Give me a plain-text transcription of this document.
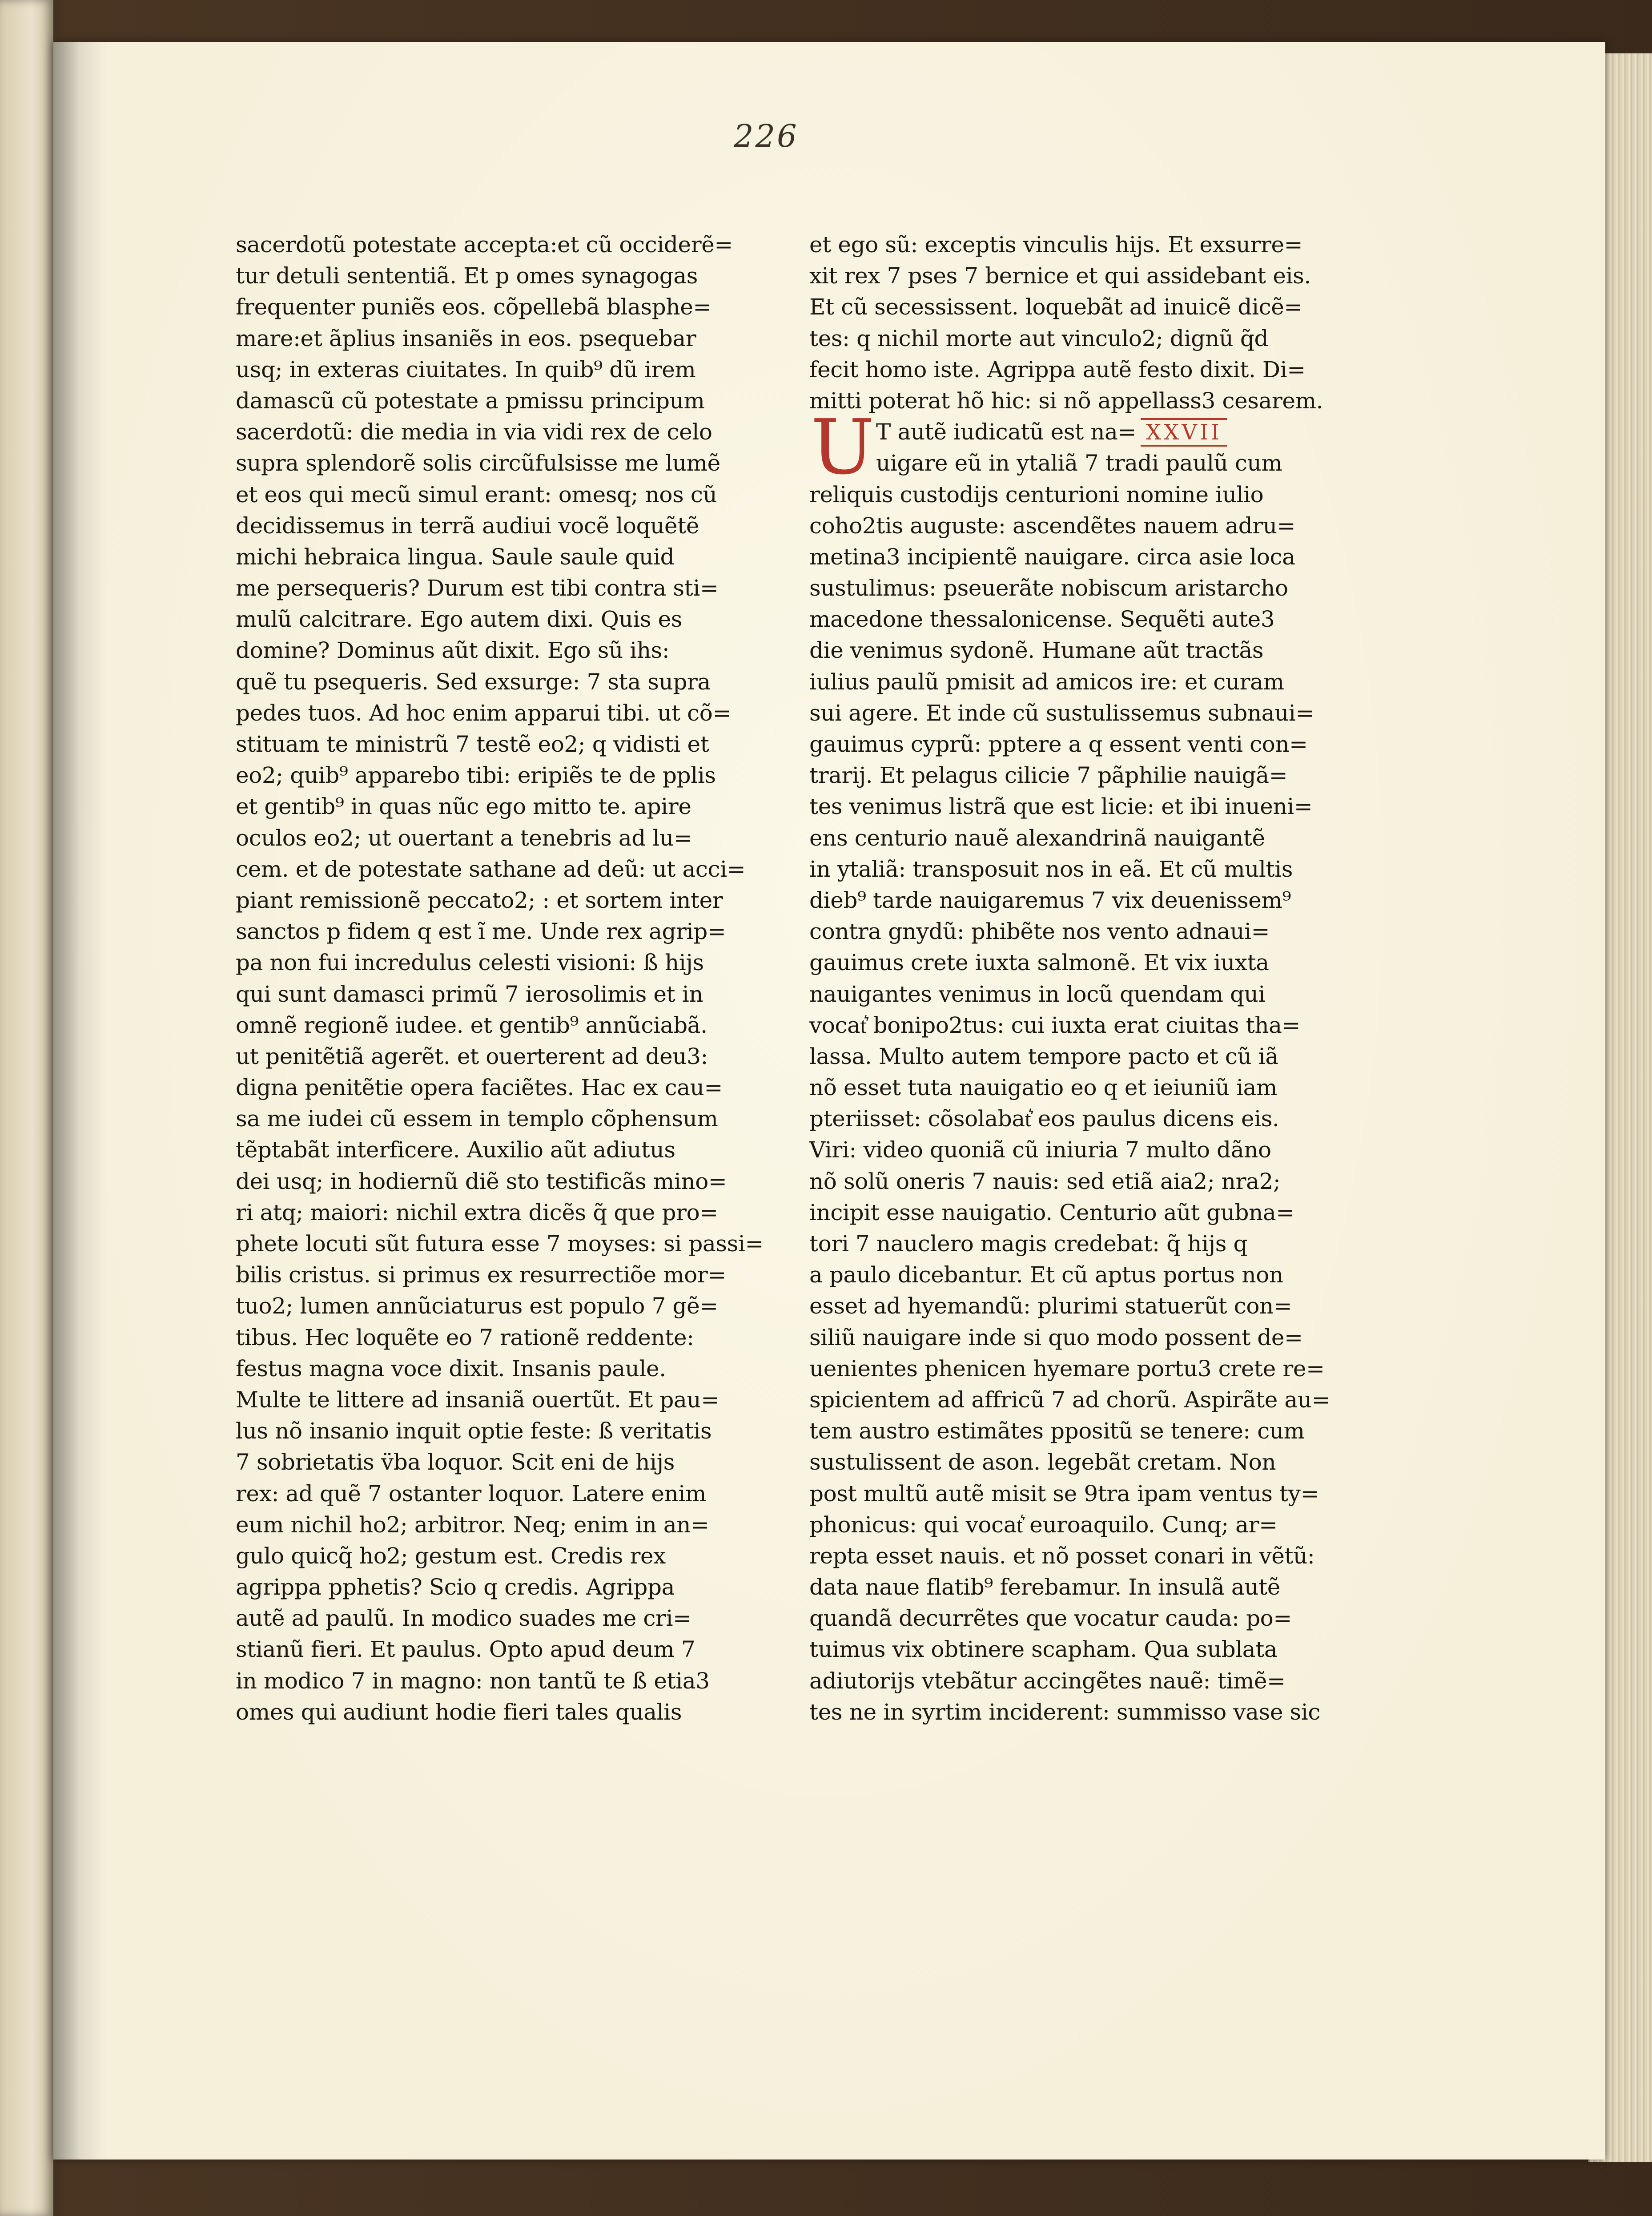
226
sacerdotũ potestate accepta:et cũ occiderẽ=
tur detuli sententiã. Et p omes synagogas
frequenter puniẽs eos. cõpellebã blasphe=
mare:et ãplius insaniẽs in eos. psequebar
usq; in exteras ciuitates. In quib⁹ dũ irem
damascũ cũ potestate a pmissu principum
sacerdotũ: die media in via vidi rex de celo
supra splendorẽ solis circũfulsisse me lumẽ
et eos qui mecũ simul erant: omesq; nos cũ
decidissemus in terrã audiui vocẽ loquẽtẽ
michi hebraica lingua. Saule saule quid
me persequeris? Durum est tibi contra sti=
mulũ calcitrare. Ego autem dixi. Quis es
domine? Dominus aũt dixit. Ego sũ ihs:
quẽ tu psequeris. Sed exsurge: 7 sta supra
pedes tuos. Ad hoc enim apparui tibi. ut cõ=
stituam te ministrũ 7 testẽ eo2; q vidisti et
eo2; quib⁹ apparebo tibi: eripiẽs te de pplis
et gentib⁹ in quas nũc ego mitto te. apire
oculos eo2; ut ouertant a tenebris ad lu=
cem. et de potestate sathane ad deũ: ut acci=
piant remissionẽ peccato2; : et sortem inter
sanctos p fidem q est ĩ me. Unde rex agrip=
pa non fui incredulus celesti visioni: ß hijs
qui sunt damasci primũ 7 ierosolimis et in
omnẽ regionẽ iudee. et gentib⁹ annũciabã.
ut penitẽtiã agerẽt. et ouerterent ad deu3:
digna penitẽtie opera faciẽtes. Hac ex cau=
sa me iudei cũ essem in templo cõphensum
tẽptabãt interficere. Auxilio aũt adiutus
dei usq; in hodiernũ diẽ sto testificãs mino=
ri atq; maiori: nichil extra dicẽs q̃ que pro=
phete locuti sũt futura esse 7 moyses: si passi=
bilis cristus. si primus ex resurrectiõe mor=
tuo2; lumen annũciaturus est populo 7 gẽ=
tibus. Hec loquẽte eo 7 rationẽ reddente:
festus magna voce dixit. Insanis paule.
Multe te littere ad insaniã ouertũt. Et pau=
lus nõ insanio inquit optie feste: ß veritatis
7 sobrietatis v̈ba loquor. Scit eni de hijs
rex: ad quẽ 7 ostanter loquor. Latere enim
eum nichil ho2; arbitror. Neq; enim in an=
gulo quicq̃ ho2; gestum est. Credis rex
agrippa pphetis? Scio q credis. Agrippa
autẽ ad paulũ. In modico suades me cri=
stianũ fieri. Et paulus. Opto apud deum 7
in modico 7 in magno: non tantũ te ß etia3
omes qui audiunt hodie fieri tales qualis
et ego sũ: exceptis vinculis hijs. Et exsurre=
xit rex 7 pses 7 bernice et qui assidebant eis.
Et cũ secessissent. loquebãt ad inuicẽ dicẽ=
tes: q nichil morte aut vinculo2; dignũ q̃d
fecit homo iste. Agrippa autẽ festo dixit. Di=
mitti poterat hõ hic: si nõ appellass3 cesarem.
T autẽ iudicatũ est na= XXVII
uigare eũ in ytaliã 7 tradi paulũ cum
reliquis custodijs centurioni nomine iulio
coho2tis auguste: ascendẽtes nauem adru=
metina3 incipientẽ nauigare. circa asie loca
sustulimus: pseuerãte nobiscum aristarcho
macedone thessalonicense. Sequẽti aute3
die venimus sydonẽ. Humane aũt tractãs
iulius paulũ pmisit ad amicos ire: et curam
sui agere. Et inde cũ sustulissemus subnaui=
gauimus cyprũ: pptere a q essent venti con=
trarij. Et pelagus cilicie 7 pãphilie nauigã=
tes venimus listrã que est licie: et ibi inueni=
ens centurio nauẽ alexandrinã nauigantẽ
in ytaliã: transposuit nos in eã. Et cũ multis
dieb⁹ tarde nauigaremus 7 vix deuenissem⁹
contra gnydũ: phibẽte nos vento adnaui=
gauimus crete iuxta salmonẽ. Et vix iuxta
nauigantes venimus in locũ quendam qui
vocat͛ bonipo2tus: cui iuxta erat ciuitas tha=
lassa. Multo autem tempore pacto et cũ iã
nõ esset tuta nauigatio eo q et ieiuniũ iam
pteriisset: cõsolabat͛ eos paulus dicens eis.
Viri: video quoniã cũ iniuria 7 multo dãno
nõ solũ oneris 7 nauis: sed etiã aia2; nra2;
incipit esse nauigatio. Centurio aũt gubna=
tori 7 nauclero magis credebat: q̃ hijs q
a paulo dicebantur. Et cũ aptus portus non
esset ad hyemandũ: plurimi statuerũt con=
siliũ nauigare inde si quo modo possent de=
uenientes phenicen hyemare portu3 crete re=
spicientem ad affricũ 7 ad chorũ. Aspirãte au=
tem austro estimãtes ppositũ se tenere: cum
sustulissent de ason. legebãt cretam. Non
post multũ autẽ misit se 9tra ipam ventus ty=
phonicus: qui vocat͛ euroaquilo. Cunq; ar=
repta esset nauis. et nõ posset conari in vẽtũ:
data naue flatib⁹ ferebamur. In insulã autẽ
quandã decurrẽtes que vocatur cauda: po=
tuimus vix obtinere scapham. Qua sublata
adiutorijs vtebãtur accingẽtes nauẽ: timẽ=
tes ne in syrtim inciderent: summisso vase sic
U
